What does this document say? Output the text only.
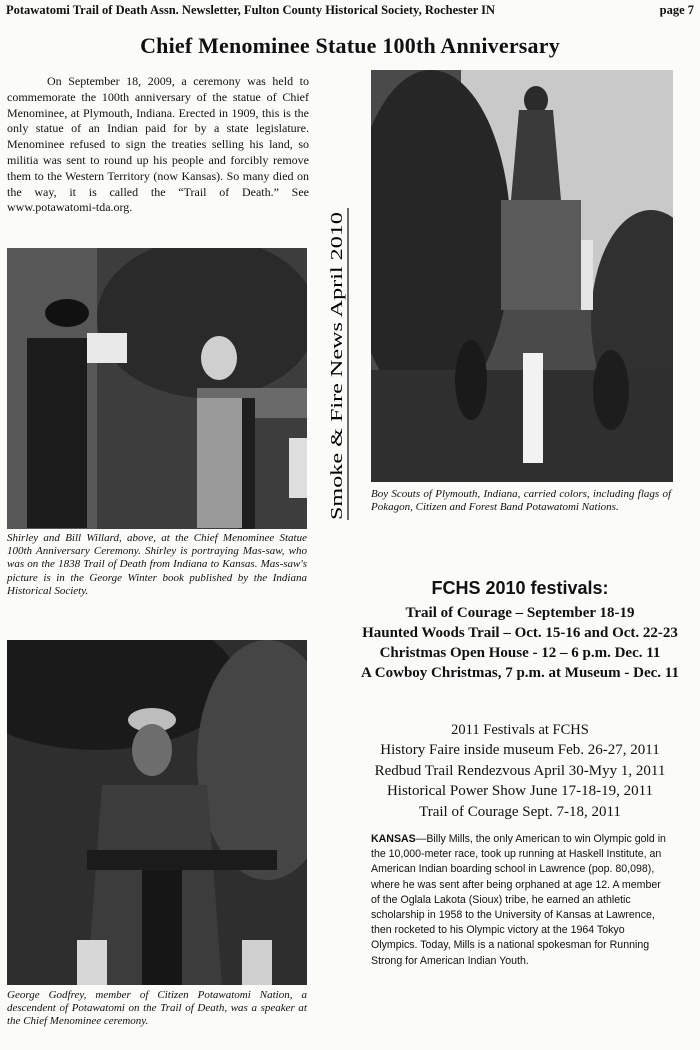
Potawatomi Trail of Death Assn. Newsletter, Fulton County Historical Society, Rochester IN	page 7
Chief Menominee Statue 100th Anniversary
On September 18, 2009, a ceremony was held to commemorate the 100th anniversary of the statue of Chief Menominee, at Plymouth, Indiana. Erected in 1909, this is the only statue of an Indian paid for by a state legislature. Menominee refused to sign the treaties selling his land, so militia was sent to round up his people and forcibly remove them to the Western Territory (now Kansas). So many died on the way, it is called the “Trail of Death.” See www.potawatomi-tda.org.
Shirley and Bill Willard, above, at the Chief Menominee Statue 100th Anniversary Ceremony. Shirley is portraying Mas-saw, who was on the 1838 Trail of Death from Indiana to Kansas. Mas-saw's picture is in the George Winter book published by the Indiana Historical Society.
Boy Scouts of Plymouth, Indiana, carried colors, including flags of Pokagon, Citizen and Forest Band Potawatomi Nations.
Smoke & Fire News April 2010
George Godfrey, member of Citizen Potawatomi Nation, a descendent of Potawatomi on the Trail of Death, was a speaker at the Chief Menominee ceremony.
FCHS 2010 festivals:
Trail of Courage – September 18-19
Haunted Woods Trail – Oct. 15-16 and Oct. 22-23
Christmas Open House - 12 – 6 p.m. Dec. 11
A Cowboy Christmas, 7 p.m. at Museum - Dec. 11
2011 Festivals at FCHS
History Faire inside museum Feb. 26-27, 2011
Redbud Trail Rendezvous April 30-Myy 1, 2011
Historical Power Show June 17-18-19, 2011
Trail of Courage Sept. 7-18, 2011
KANSAS—Billy Mills, the only American to win Olympic gold in the 10,000-meter race, took up running at Haskell Institute, an American Indian boarding school in Lawrence (pop. 80,098), where he was sent after being orphaned at age 12. A member of the Oglala Lakota (Sioux) tribe, he earned an athletic scholarship in 1958 to the University of Kansas at Lawrence, then rocketed to his Olympic victory at the 1964 Tokyo Olympics. Today, Mills is a national spokesman for Running Strong for American Indian Youth.
